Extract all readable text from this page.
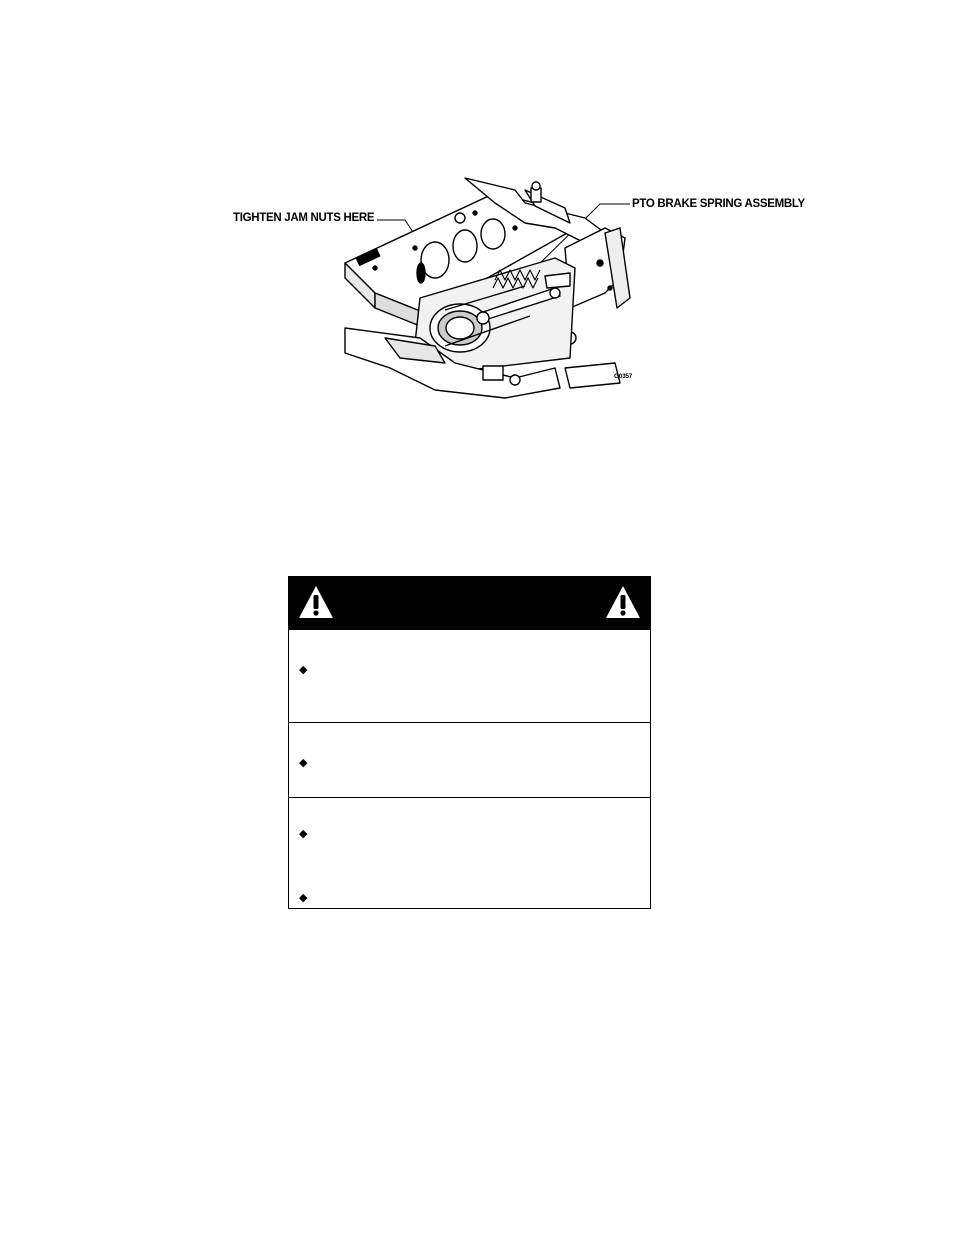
TIGHTEN JAM NUTS HERE
PTO BRAKE SPRING ASSEMBLY
G0357
◆
◆
◆
◆
